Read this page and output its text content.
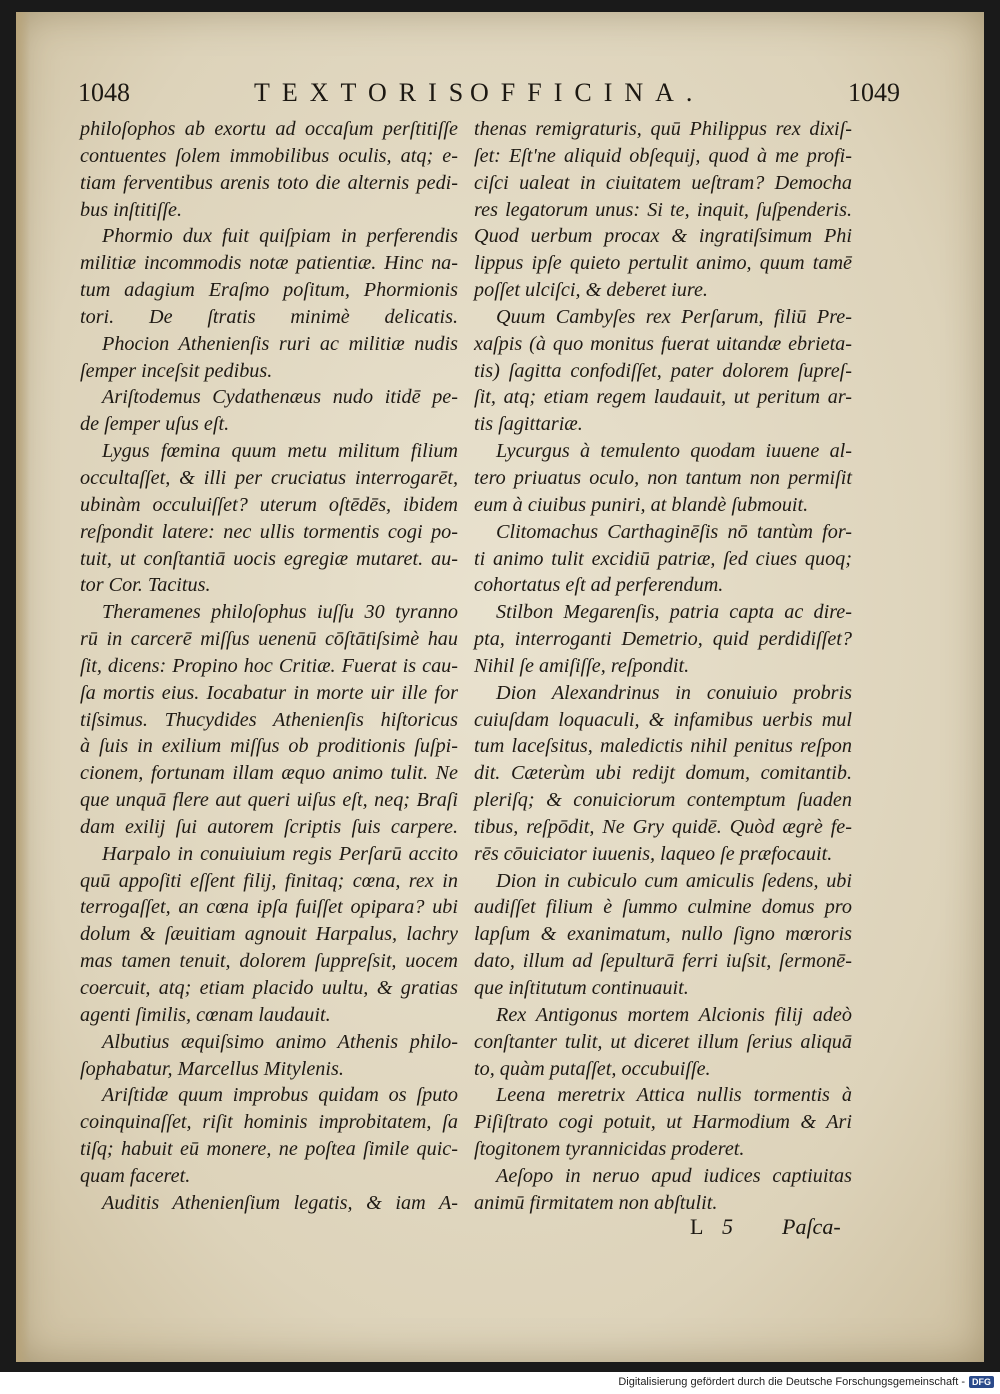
1048	TEXTORIS
OFFICINA.	1049
philoſophos ab exortu ad occaſum perſtitiſſe
contuentes ſolem immobilibus oculis, atq; e-
tiam ferventibus arenis toto die alternis pedi-
bus inſtitiſſe.
Phormio dux fuit quiſpiam in perferendis
militiæ incommodis notæ patientiæ. Hinc na-
tum adagium Eraſmo poſitum, Phormionis
tori. De ſtratis minimè delicatis.
Phocion Athenienſis ruri ac militiæ nudis
ſemper inceſsit pedibus.
Ariſtodemus Cydathenæus nudo itidē pe-
de ſemper uſus eſt.
Lygus fœmina quum metu militum filium
occultaſſet, & illi per cruciatus interrogarēt,
ubinàm occuluiſſet? uterum oſtēdēs, ibidem
reſpondit latere: nec ullis tormentis cogi po-
tuit, ut conſtantiā uocis egregiæ mutaret. au-
tor Cor. Tacitus.
Theramenes philoſophus iuſſu 30 tyranno
rū in carcerē miſſus uenenū cōſtātiſsimè hau
ſit, dicens: Propino hoc Critiæ. Fuerat is cau-
ſa mortis eius. Iocabatur in morte uir ille for
tiſsimus. Thucydides Athenienſis hiſtoricus
à ſuis in exilium miſſus ob proditionis ſuſpi-
cionem, fortunam illam æquo animo tulit. Ne
que unquā flere aut queri uiſus eſt, neq; Braſi
dam exilij ſui autorem ſcriptis ſuis carpere.
Harpalo in conuiuium regis Perſarū accito
quū appoſiti eſſent filij, finitaq; cœna, rex in
terrogaſſet, an cœna ipſa fuiſſet opipara? ubi
dolum & ſæuitiam agnouit Harpalus, lachry
mas tamen tenuit, dolorem ſuppreſsit, uocem
coercuit, atq; etiam placido uultu, & gratias
agenti ſimilis, cœnam laudauit.
Albutius æquiſsimo animo Athenis philo-
ſophabatur, Marcellus Mitylenis.
Ariſtidæ quum improbus quidam os ſputo
coinquinaſſet, riſit hominis improbitatem, ſa
tiſq; habuit eū monere, ne poſtea ſimile quic-
quam faceret.
Auditis Athenienſium legatis, & iam A-
thenas remigraturis, quū Philippus rex dixiſ-
ſet: Eſt'ne aliquid obſequij, quod à me profi-
ciſci ualeat in ciuitatem ueſtram? Democha
res legatorum unus: Si te, inquit, ſuſpenderis.
Quod uerbum procax & ingratiſsimum Phi
lippus ipſe quieto pertulit animo, quum tamē
poſſet ulciſci, & deberet iure.
Quum Cambyſes rex Perſarum, filiū Pre-
xaſpis (à quo monitus fuerat uitandæ ebrieta-
tis) ſagitta confodiſſet, pater dolorem ſupreſ-
ſit, atq; etiam regem laudauit, ut peritum ar-
tis ſagittariæ.
Lycurgus à temulento quodam iuuene al-
tero priuatus oculo, non tantum non permiſit
eum à ciuibus puniri, at blandè ſubmouit.
Clitomachus Carthaginēſis nō tantùm for-
ti animo tulit excidiū patriæ, ſed ciues quoq;
cohortatus eſt ad perferendum.
Stilbon Megarenſis, patria capta ac dire-
pta, interroganti Demetrio, quid perdidiſſet?
Nihil ſe amiſiſſe, reſpondit.
Dion Alexandrinus in conuiuio probris
cuiuſdam loquaculi, & infamibus uerbis mul
tum laceſsitus, maledictis nihil penitus reſpon
dit. Cæterùm ubi redijt domum, comitantib.
pleriſq; & conuiciorum contemptum ſuaden
tibus, reſpōdit, Ne Gry quidē. Quòd ægrè fe-
rēs cōuiciator iuuenis, laqueo ſe præfocauit.
Dion in cubiculo cum amiculis ſedens, ubi
audiſſet filium è ſummo culmine domus pro
lapſum & exanimatum, nullo ſigno mœroris
dato, illum ad ſepulturā ferri iuſsit, ſermonē-
que inſtitutum continuauit.
Rex Antigonus mortem Alcionis filij adeò
conſtanter tulit, ut diceret illum ſerius aliquā
to, quàm putaſſet, occubuiſſe.
Leena meretrix Attica nullis tormentis à
Piſiſtrato cogi potuit, ut Harmodium & Ari
ſtogitonem tyrannicidas proderet.
Aeſopo in neruo apud iudices captiuitas
animū firmitatem non abſtulit.
L 5 Paſca-
Digitalisierung gefördert durch die Deutsche Forschungsgemeinschaft - DFG
